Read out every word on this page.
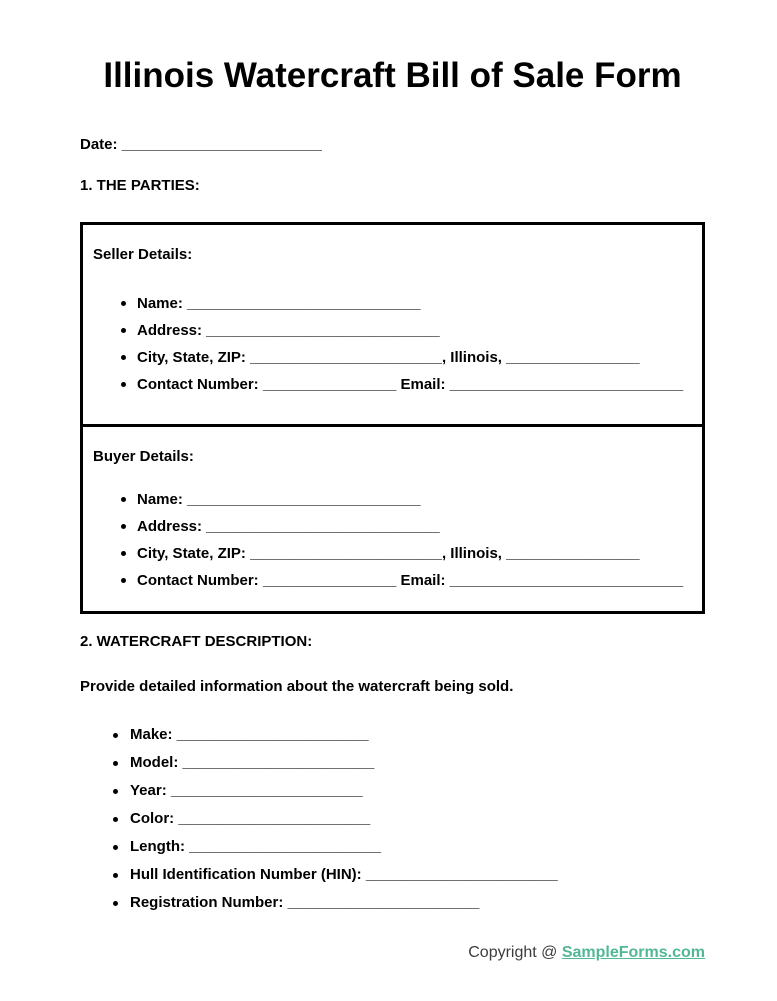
Illinois Watercraft Bill of Sale Form
Date: ________________________
1. THE PARTIES:
Seller Details:
Name: ____________________________
Address: ____________________________
City, State, ZIP: _______________________, Illinois, ________________
Contact Number: ________________ Email: ____________________________
Buyer Details:
Name: ____________________________
Address: ____________________________
City, State, ZIP: _______________________, Illinois, ________________
Contact Number: ________________ Email: ____________________________
2. WATERCRAFT DESCRIPTION:
Provide detailed information about the watercraft being sold.
Make: _______________________
Model: _______________________
Year: _______________________
Color: _______________________
Length: _______________________
Hull Identification Number (HIN): _______________________
Registration Number: _______________________
Copyright @ SampleForms.com
